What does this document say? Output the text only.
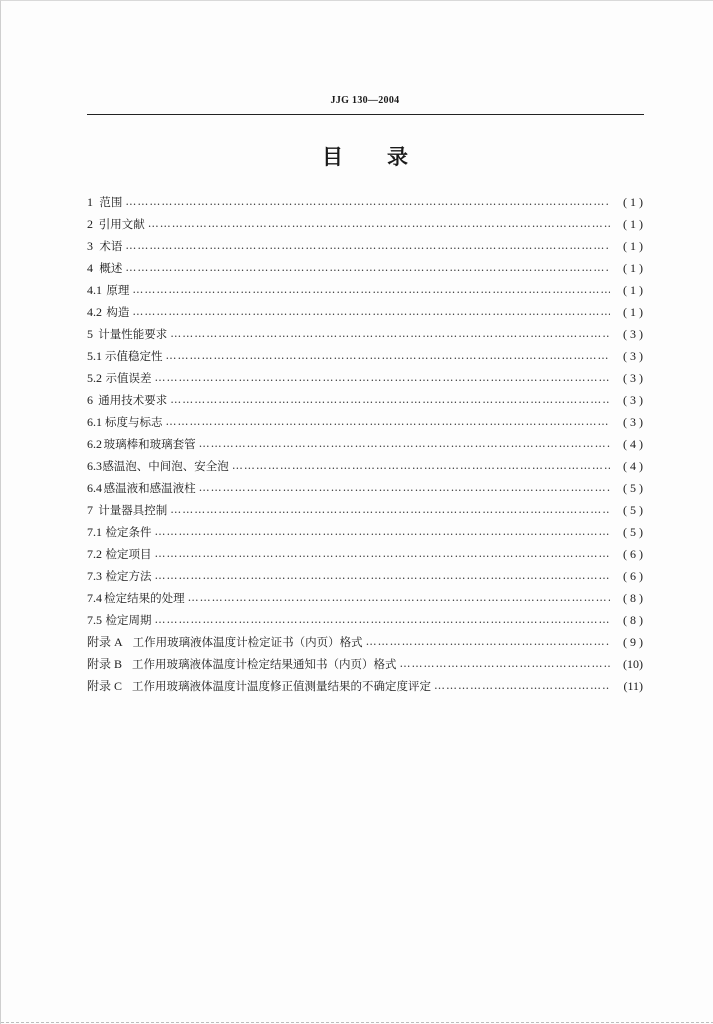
JJG 130—2004
目录
1 范围 ………………………………………………………………………………………………………………………………………………………………………………………………	( 1 )
2 引用文献 ………………………………………………………………………………………………………………………………………………………………………………………………	( 1 )
3 术语 ………………………………………………………………………………………………………………………………………………………………………………………………	( 1 )
4 概述 ………………………………………………………………………………………………………………………………………………………………………………………………	( 1 )
4.1 原理 ………………………………………………………………………………………………………………………………………………………………………………………………	( 1 )
4.2 构造 ………………………………………………………………………………………………………………………………………………………………………………………………	( 1 )
5 计量性能要求 ………………………………………………………………………………………………………………………………………………………………………………………………	( 3 )
5.1 示值稳定性 ………………………………………………………………………………………………………………………………………………………………………………………………	( 3 )
5.2 示值误差 ………………………………………………………………………………………………………………………………………………………………………………………………	( 3 )
6 通用技术要求 ………………………………………………………………………………………………………………………………………………………………………………………………	( 3 )
6.1 标度与标志 ………………………………………………………………………………………………………………………………………………………………………………………………	( 3 )
6.2 玻璃棒和玻璃套管 ………………………………………………………………………………………………………………………………………………………………………………………………	( 4 )
6.3 感温泡、中间泡、安全泡 ………………………………………………………………………………………………………………………………………………………………………………………………	( 4 )
6.4 感温液和感温液柱 ………………………………………………………………………………………………………………………………………………………………………………………………	( 5 )
7 计量器具控制 ………………………………………………………………………………………………………………………………………………………………………………………………	( 5 )
7.1 检定条件 ………………………………………………………………………………………………………………………………………………………………………………………………	( 5 )
7.2 检定项目 ………………………………………………………………………………………………………………………………………………………………………………………………	( 6 )
7.3 检定方法 ………………………………………………………………………………………………………………………………………………………………………………………………	( 6 )
7.4 检定结果的处理 ………………………………………………………………………………………………………………………………………………………………………………………………	( 8 )
7.5 检定周期 ………………………………………………………………………………………………………………………………………………………………………………………………	( 8 )
附录 A 工作用玻璃液体温度计检定证书（内页）格式 ………………………………………………………………………………………………………………………………………………………………………………………………	( 9 )
附录 B 工作用玻璃液体温度计检定结果通知书（内页）格式 ………………………………………………………………………………………………………………………………………………………………………………………………	(10)
附录 C 工作用玻璃液体温度计温度修正值测量结果的不确定度评定 ………………………………………………………………………………………………………………………………………………………………………………………………	(11)
